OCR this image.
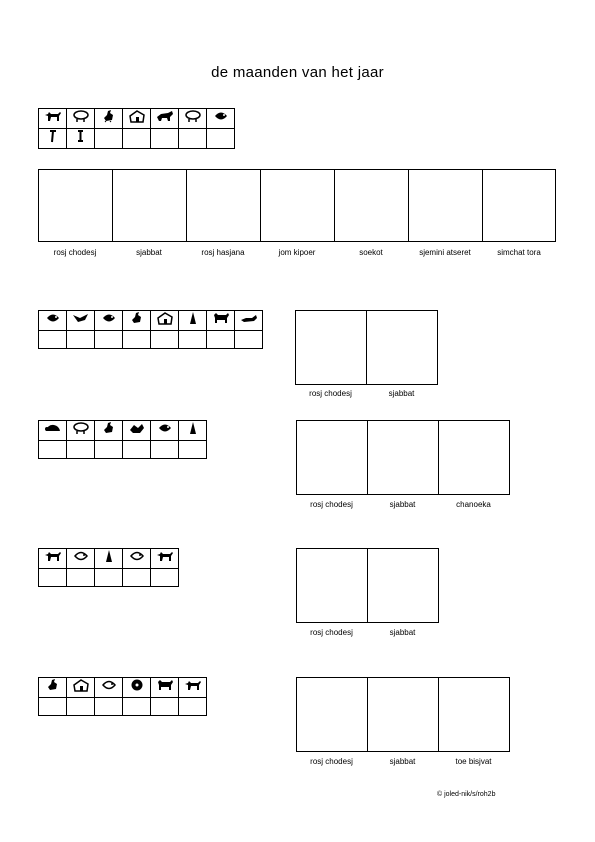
de maanden van het jaar

rosj chodesj	sjabbat	rosj hasjana	jom kipoer	soekot	sjemini atseret	simchat tora

rosj chodesj	sjabbat

rosj chodesj	sjabbat	chanoeka

rosj chodesj	sjabbat

rosj chodesj	sjabbat	toe bisjvat
© joled-nik/s/roh2b
